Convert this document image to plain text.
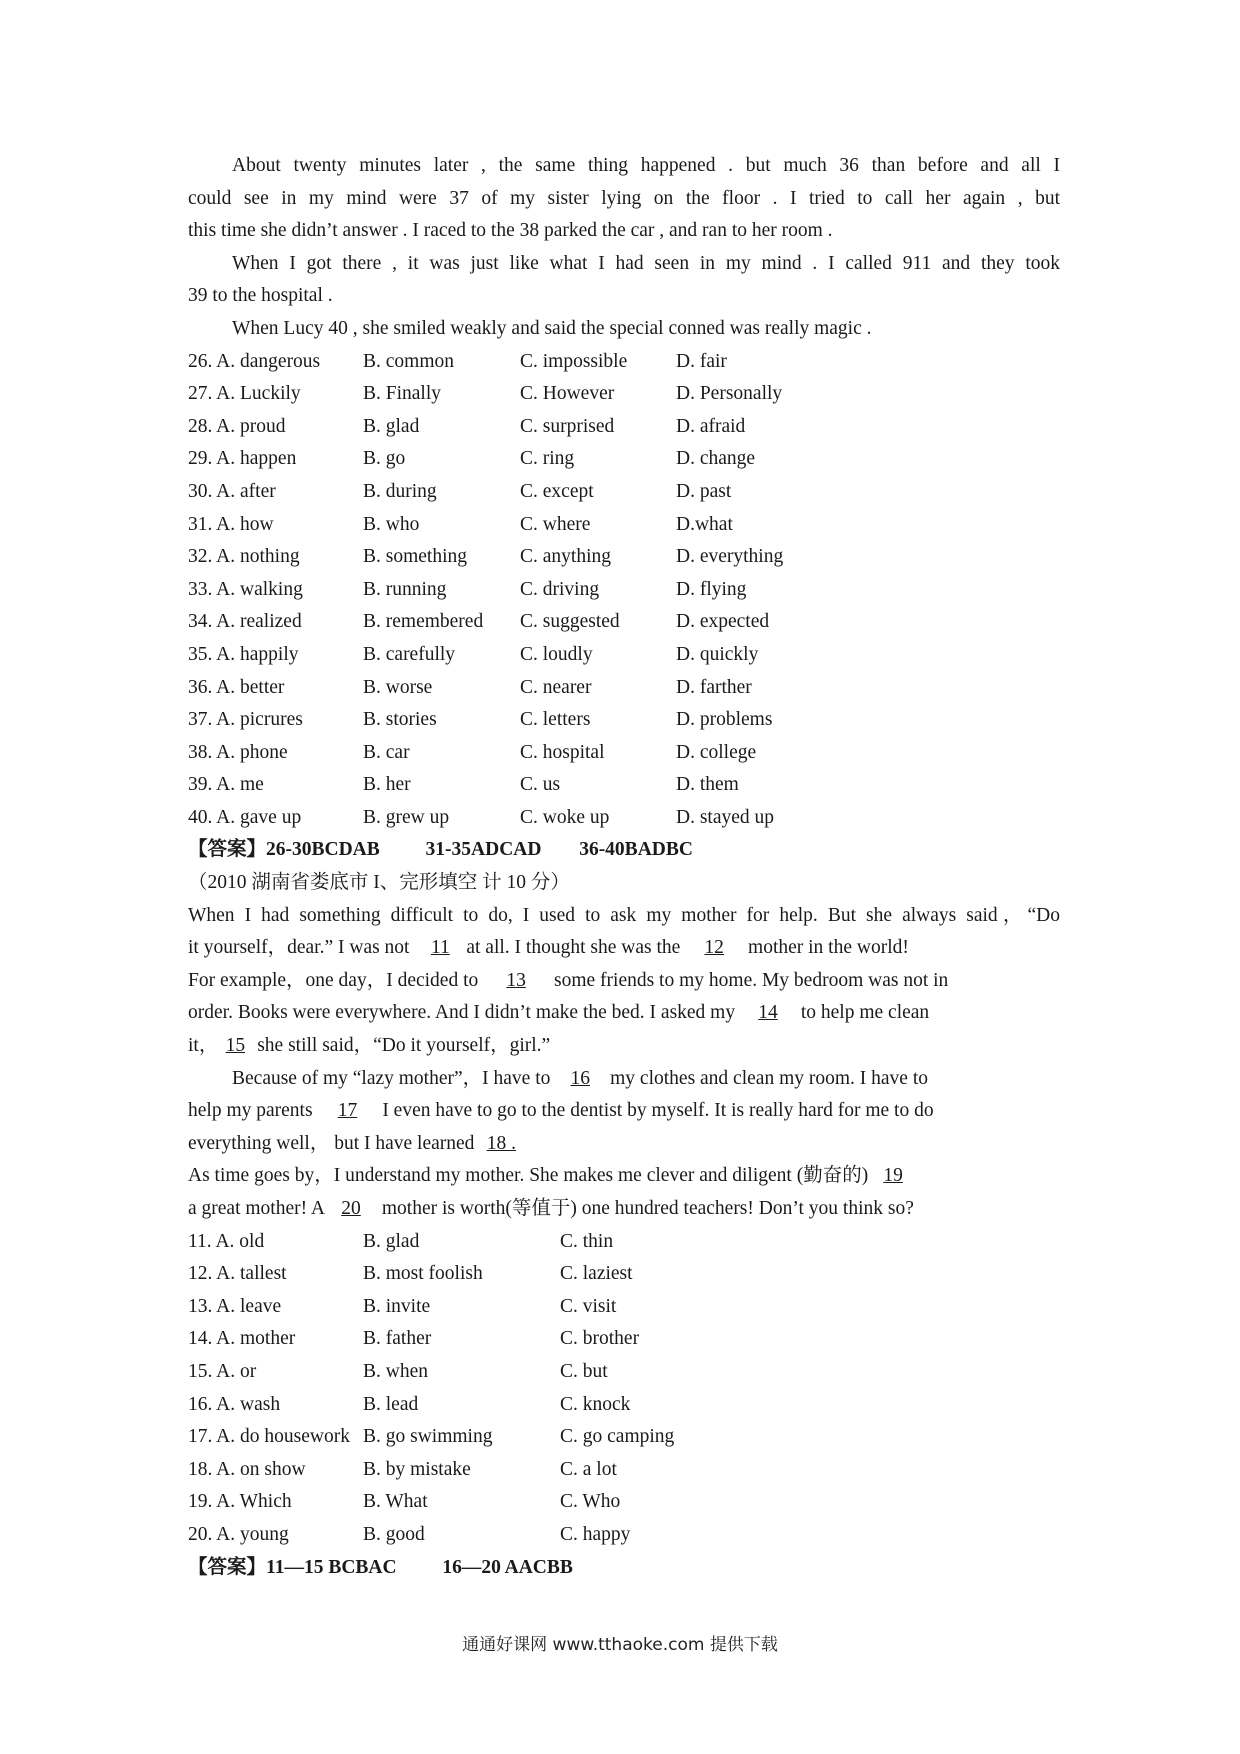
About twenty minutes later , the same thing happened . but much 36 than before and all I
could see in my mind were 37 of my sister lying on the floor . I tried to call her again , but
this time she didn’t answer . I raced to the 38 parked the car , and ran to her room .
When I got there , it was just like what I had seen in my mind . I called 911 and they took
39 to the hospital .
When Lucy 40 , she smiled weakly and said the special conned was really magic .
26. A. dangerous B. common	C. impossible D. fair
27. A. Luckily	B. Finally	C. However	D. Personally
28. A. proud	B. glad	C. surprised	D. afraid
29. A. happen	B. go	C. ring	D. change
30. A. after	B. during	C. except	D. past
31. A. how	B. who	C. where	D.what
32. A. nothing	B. something	C. anything	D. everything
33. A. walking	B. running	C. driving	D. flying
34. A. realized	B. remembered C. suggested	D. expected
35. A. happily	B. carefully	C. loudly	D. quickly
36. A. better	B. worse	C. nearer	D. farther
37. A. picrures	B. stories	C. letters	D. problems
38. A. phone	B. car	C. hospital	D. college
39. A. me	B. her	C. us	D. them
40. A. gave up	B. grew up	C. woke up	D. stayed up
【答案】26-30BCDAB 31-35ADCAD 36-40BADBC
（2010 湖南省娄底市 I、完形填空 计 10 分）
When I had something difficult to do, I used to ask my mother for help. But she always said，“Do
it yourself，dear.” I was not 11 at all. I thought she was the 12 mother in the world!
For example，one day，I decided to 13 some friends to my home. My bedroom was not in
order. Books were everywhere. And I didn’t make the bed. I asked my 14 to help me clean
it， 15 she still said，“Do it yourself，girl.”
Because of my “lazy mother”，I have to 16 my clothes and clean my room. I have to
help my parents 17 I even have to go to the dentist by myself. It is really hard for me to do
everything well， but I have learned 18 .
As time goes by，I understand my mother. She makes me clever and diligent (勤奋的) 19
a great mother! A 20 mother is worth(等值于) one hundred teachers! Don’t you think so?
11. A. old	B. glad	C. thin
12. A. tallest	B. most foolish	C. laziest
13. A. leave	B. invite	C. visit
14. A. mother	B. father	C. brother
15. A. or	B. when	C. but
16. A. wash	B. lead	C. knock
17. A. do housework B. go swimming	C. go camping
18. A. on show	B. by mistake	C. a lot
19. A. Which	B. What	C. Who
20. A. young	B. good	C. happy
【答案】11—15 BCBAC 16—20 AACBB
通通好课网 www.tthaoke.com 提供下载
